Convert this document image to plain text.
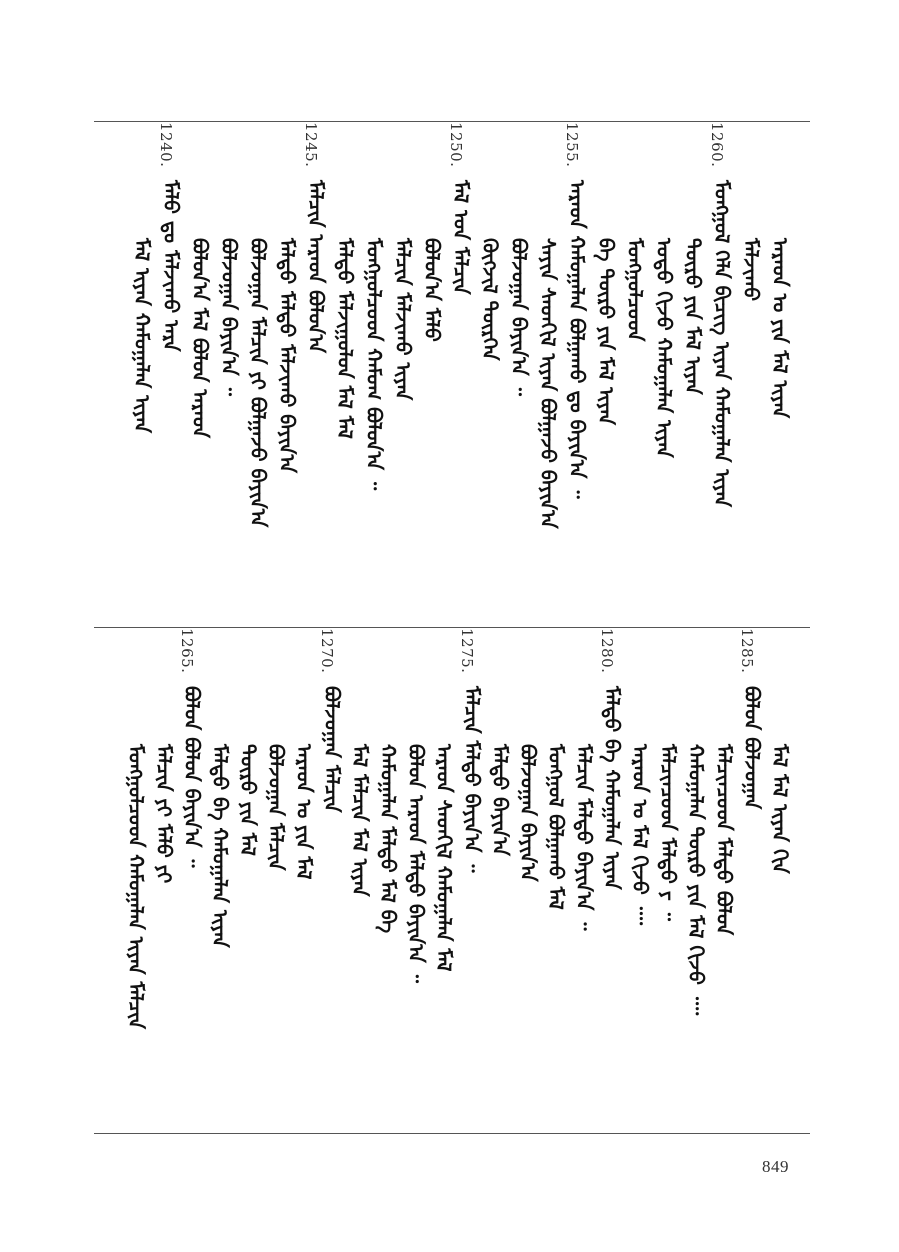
ᠠᠷᠠᠳ ᠤ ᠶᠢᠨ ᠮᠠᠯ ᠢᠶᠡᠨ
ᠮᠠᠯᠵᠢᠬᠤ
1260.
ᠮᠣᠩᠭᠣᠯ ᠬᠡᠯᠡ ᠪᠢᠴᠢᠭ ᠢᠶᠡᠨ ᠬᠠᠮᠤᠭᠠᠯᠠᠨ ᠢᠶᠡᠨ
ᠲᠥᠷᠦ ᠶᠢᠨ ᠮᠠᠯ ᠢᠶᠡᠨ
ᠣᠳᠣ ᠬᠢᠵᠦ ᠬᠠᠮᠤᠭᠠᠯᠠᠨ ᠢᠶᠡᠨ
ᠮᠣᠩᠭᠣᠯᠴᠤᠳ
ᠪᠠ ᠲᠥᠷᠦ ᠶᠢᠨ ᠮᠠᠯ ᠢᠶᠡᠨ
1255.
ᠠᠷᠠᠳ ᠬᠠᠮᠤᠭᠠᠯᠠᠨ ᠪᠣᠯᠭᠠᠬᠤ ᠳᠤ ᠪᠠᠶᠢᠨ᠎ᠠ ᠃
ᠰᠠᠶᠢᠨ ᠰᠡᠳᠭᠢᠯ ᠢᠶᠡᠨ ᠪᠣᠯᠭᠠᠵᠤ ᠪᠠᠶᠢᠨ᠎ᠠ
ᠪᠣᠯᠵᠣᠭᠠᠨ ᠪᠠᠶᠢᠨ᠎ᠠ ᠃
ᠬᠥᠭᠵᠢᠯ ᠲᠦᠷᠭᠡᠨ
1250.
ᠮᠠᠯ ᠤᠨ ᠮᠠᠯᠴᠢᠨ
ᠪᠣᠯᠤᠨ᠎ᠠ ᠮᠠᠯᠤ
ᠮᠠᠯᠴᠢᠨ ᠮᠠᠯᠵᠢᠬᠤ ᠢᠶᠡᠨ
ᠮᠣᠩᠭᠣᠯᠴᠤᠳ ᠬᠠᠮᠤᠭ ᠪᠣᠯᠤᠨ᠎ᠠ ᠃
ᠮᠠᠯᠳᠤ ᠮᠠᠯᠵᠢᠭᠤᠯᠤᠨ ᠮᠠᠯ ᠮᠠᠯ
1245.
ᠮᠠᠯᠴᠢᠨ ᠠᠷᠠᠳ ᠪᠣᠯᠤᠨ᠎ᠠ
ᠮᠠᠯᠳᠤ ᠮᠠᠯᠳᠤ ᠮᠠᠯᠵᠢᠬᠤ ᠪᠠᠶᠢᠨ᠎ᠠ
ᠪᠣᠯᠵᠣᠭᠠᠨ ᠮᠠᠯᠴᠢᠨ ᠶᠢ ᠪᠣᠯᠭᠠᠵᠤ ᠪᠠᠶᠢᠨ᠎ᠠ
ᠪᠣᠯᠵᠣᠭᠠᠨ ᠪᠠᠶᠢᠨ᠎ᠠ ᠃
ᠪᠣᠯᠤᠨ᠎ᠠ ᠮᠠᠯ ᠪᠣᠯᠤᠨ ᠠᠷᠠᠳ
1240.
ᠮᠠᠯᠤ ᠳᠤ ᠮᠠᠯᠵᠢᠬᠤ ᠠᠷᠠ
ᠮᠠᠯ ᠢᠶᠡᠨ ᠬᠠᠮᠤᠭᠠᠯᠠᠨ ᠢᠶᠡᠨ
ᠮᠠᠯ ᠮᠠᠯ ᠢᠶᠡᠨ ᠬᠢᠨ
1285.
ᠪᠣᠯᠤᠨ ᠪᠣᠯᠵᠣᠭᠠᠨ
ᠮᠠᠯᠴᠢᠨᠴᠤᠳ ᠮᠠᠯᠳᠤ ᠪᠣᠯᠤᠨ
ᠬᠠᠮᠤᠭᠠᠯᠠᠨ ᠲᠥᠷᠦ ᠶᠢᠨ ᠮᠠᠯ ᠬᠢᠵᠦ ᠁
ᠮᠠᠯᠴᠢᠨᠴᠤᠳ ᠮᠠᠯᠳᠤ ᠶ ᠃
ᠠᠷᠠᠳ ᠤ ᠮᠠᠯ ᠬᠢᠵᠦ ᠁
1280.
ᠮᠠᠯᠳᠤ ᠪᠠ ᠬᠠᠮᠤᠭᠠᠯᠠᠨ ᠢᠶᠡᠨ
ᠮᠠᠯᠴᠢᠨ ᠮᠠᠯᠳᠤ ᠪᠠᠶᠢᠨ᠎ᠠ ᠃
ᠮᠣᠩᠭᠣᠯ ᠪᠣᠯᠭᠠᠬᠤ ᠮᠠᠯ
ᠪᠣᠯᠵᠣᠭᠠᠨ ᠪᠠᠶᠢᠨ᠎ᠠ
ᠮᠠᠯᠳᠤ ᠪᠠᠶᠢᠨ᠎ᠠ
1275.
ᠮᠠᠯᠴᠢᠨ ᠮᠠᠯᠳᠤ ᠪᠠᠶᠢᠨ᠎ᠠ ᠃
ᠠᠷᠠᠳ ᠰᠡᠳᠭᠢᠯ ᠬᠠᠮᠤᠭᠠᠯᠠᠨ ᠮᠠᠯ
ᠪᠣᠯᠤᠨ ᠠᠷᠠᠳ ᠮᠠᠯᠳᠤ ᠪᠠᠶᠢᠨ᠎ᠠ ᠃
ᠬᠠᠮᠤᠭᠠᠯᠠᠨ ᠮᠠᠯᠳᠤ ᠮᠠᠯ ᠪᠠ
ᠮᠠᠯ ᠮᠠᠯᠴᠢᠨ ᠮᠠᠯ ᠢᠶᠡᠨ
1270.
ᠪᠣᠯᠵᠣᠭᠠᠨ ᠮᠠᠯᠴᠢᠨ
ᠠᠷᠠᠳ ᠤ ᠶᠢᠨ ᠮᠠᠯ
ᠪᠣᠯᠵᠣᠭᠠᠨ ᠮᠠᠯᠴᠢᠨ
ᠲᠥᠷᠦ ᠶᠢᠨ ᠮᠠᠯ
ᠮᠠᠯᠳᠤ ᠪᠠ ᠬᠠᠮᠤᠭᠠᠯᠠᠨ ᠢᠶᠡᠨ
1265.
ᠪᠣᠯᠤᠨ ᠪᠣᠯᠤᠨ ᠪᠠᠶᠢᠨ᠎ᠠ ᠃
ᠮᠠᠯᠴᠢᠨ ᠶᠢ ᠮᠠᠯᠤ ᠶᠢ
ᠮᠣᠩᠭᠣᠯᠴᠤᠳ ᠬᠠᠮᠤᠭᠠᠯᠠᠨ ᠢᠶᠡᠨ ᠮᠠᠯᠴᠢᠨ
849
